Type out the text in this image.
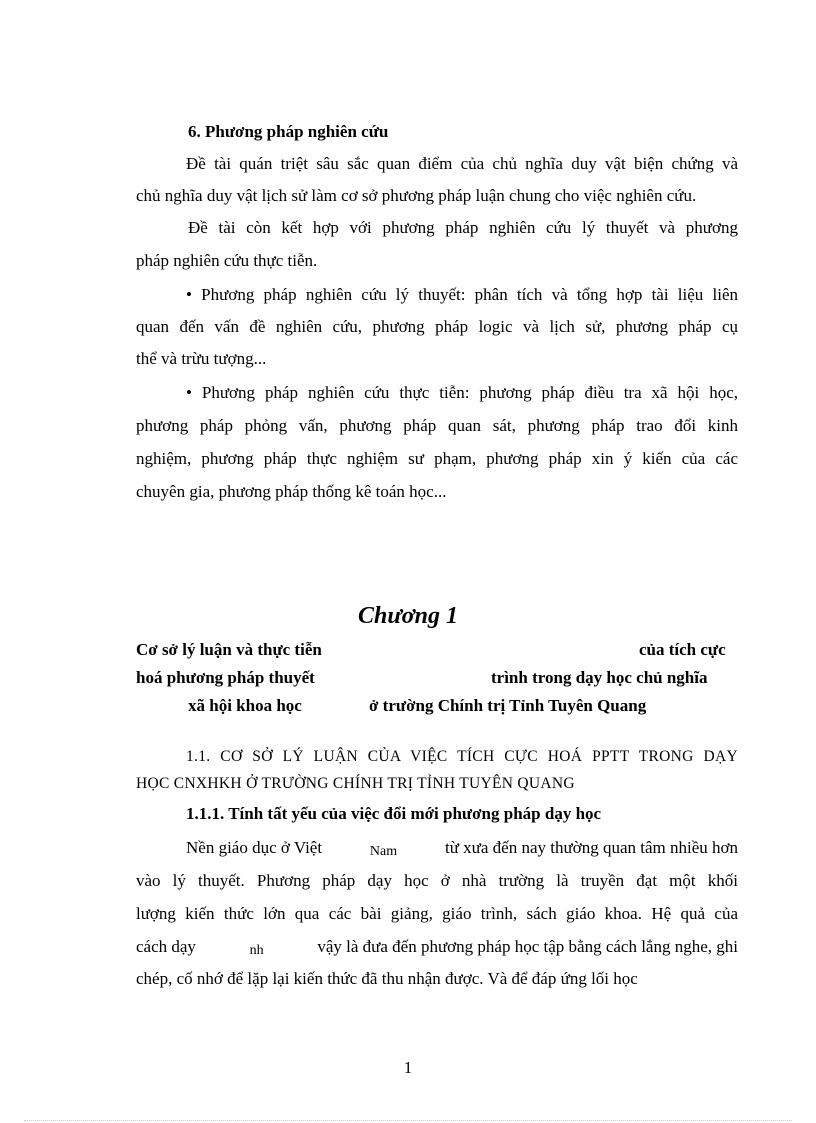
6. Phương pháp nghiên cứu
Đề tài quán triệt sâu sắc quan điểm của chủ nghĩa duy vật biện chứng và
chủ nghĩa duy vật lịch sử làm cơ sở phương pháp luận chung cho việc nghiên cứu.
Đề tài còn kết hợp với phương pháp nghiên cứu lý thuyết và phương
pháp nghiên cứu thực tiễn.
• Phương pháp nghiên cứu lý thuyết: phân tích và tổng hợp tài liệu liên
quan đến vấn đề nghiên cứu, phương pháp logic và lịch sử, phương pháp cụ
thể và trừu tượng...
• Phương pháp nghiên cứu thực tiễn: phương pháp điều tra xã hội học,
phương pháp phỏng vấn, phương pháp quan sát, phương pháp trao đổi kinh
nghiệm, phương pháp thực nghiệm sư phạm, phương pháp xin ý kiến của các
chuyên gia, phương pháp thống kê toán học...
Chương 1
Cơ sở lý luận và thực tiễn	của tích cực
hoá phương pháp thuyết	trình trong dạy học chủ nghĩa
xã hội khoa học	ở trường Chính trị Tỉnh Tuyên Quang
1.1. CƠ SỞ LÝ LUẬN CỦA VIỆC TÍCH CỰC HOÁ PPTT TRONG DẠY
HỌC CNXHKH Ở TRƯỜNG CHÍNH TRỊ TỈNH TUYÊN QUANG
1.1.1. Tính tất yếu của việc đổi mới phương pháp dạy học
Nền giáo dục ở Việt	Nam	từ xưa đến nay thường quan tâm nhiều hơn
vào lý thuyết. Phương pháp dạy học ở nhà trường là truyền đạt một khối
lượng kiến thức lớn qua các bài giảng, giáo trình, sách giáo khoa. Hệ quả của
cách dạy	nh	vậy là đưa đến phương pháp học tập bằng cách lắng nghe, ghi
chép, cố nhớ để lặp lại kiến thức đã thu nhận được. Và để đáp ứng lối học
1
